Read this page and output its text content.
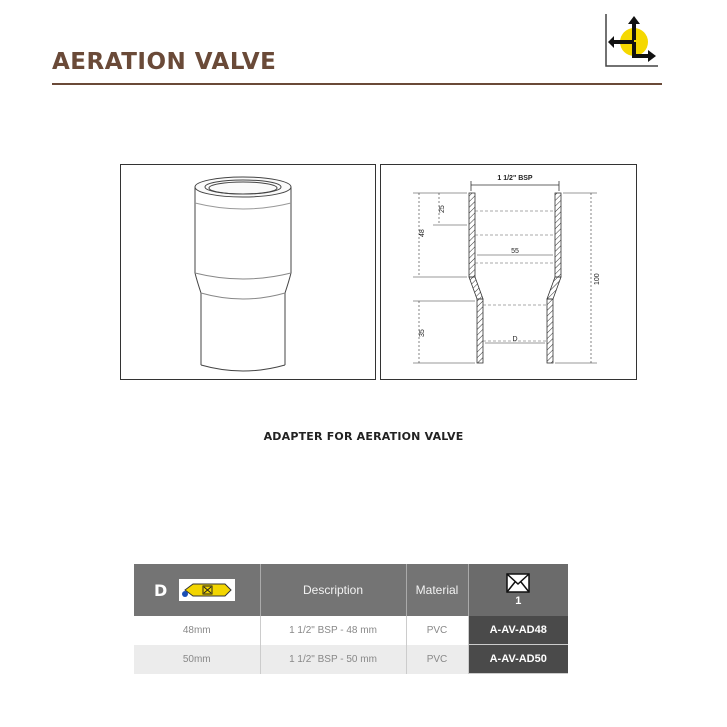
AERATION VALVE
1 1/2" BSP
55
D
25
48
35
100
ADAPTER FOR AERATION VALVE
D	Description	Material	1

48mm	1 1/2" BSP - 48 mm	PVC	A-AV-AD48
50mm	1 1/2" BSP - 50 mm	PVC	A-AV-AD50
